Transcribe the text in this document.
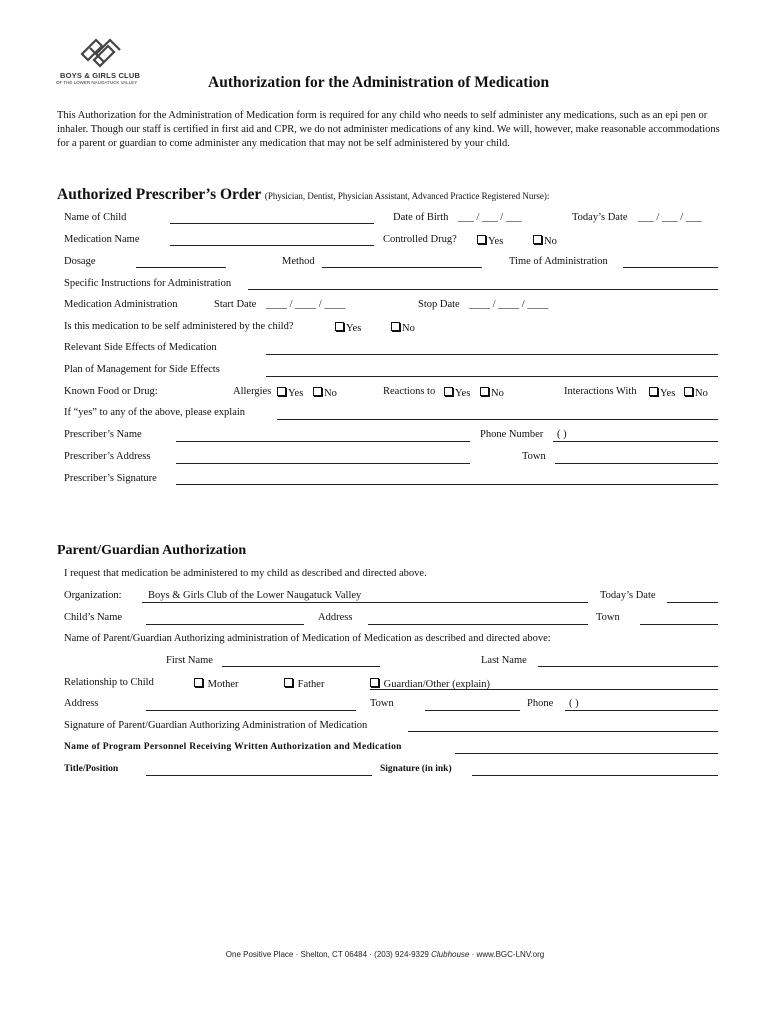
BOYS & GIRLS CLUB
OF THE LOWER NAUGATUCK VALLEY	Authorization for the Administration of Medication
This Authorization for the Administration of Medication form is required for any child who needs to self administer any medications, such as an epi pen or inhaler. Though our staff is certified in first aid and CPR, we do not administer medications of any kind. We will, however, make reasonable accommodations for a parent or guardian to come administer any medication that may not be self administered by your child.
Authorized Prescriber’s Order (Physician, Dentist, Physician Assistant, Advanced Practice Registered Nurse):
Name of Child	Date of Birth ___ / ___ / ___	Today’s Date ___ / ___ / ___
Medication Name	Controlled Drug?	Yes	No
Dosage	Method	Time of Administration
Specific Instructions for Administration
Medication Administration	Start Date ____ / ____ / ____	Stop Date ____ / ____ / ____
Is this medication to be self administered by the child?	Yes	No
Relevant Side Effects of Medication
Plan of Management for Side Effects
Known Food or Drug:	Allergies	Yes	No	Reactions to	Yes	No	Interactions With	Yes	No
If “yes” to any of the above, please explain
Prescriber’s Name	Phone Number ( )
Prescriber’s Address	Town
Prescriber’s Signature
Parent/Guardian Authorization
I request that medication be administered to my child as described and directed above.
Organization:	Boys & Girls Club of the Lower Naugatuck Valley	Today’s Date
Child’s Name	Address	Town
Name of Parent/Guardian Authorizing administration of Medication of Medication as described and directed above:
First Name	Last Name
Relationship to Child	Mother	Father	Guardian/Other (explain)
Address	Town	Phone ( )
Signature of Parent/Guardian Authorizing Administration of Medication
Name of Program Personnel Receiving Written Authorization and Medication
Title/Position	Signature (in ink)
One Positive Place · Shelton, CT 06484 · (203) 924-9329 Clubhouse · www.BGC-LNV.org
